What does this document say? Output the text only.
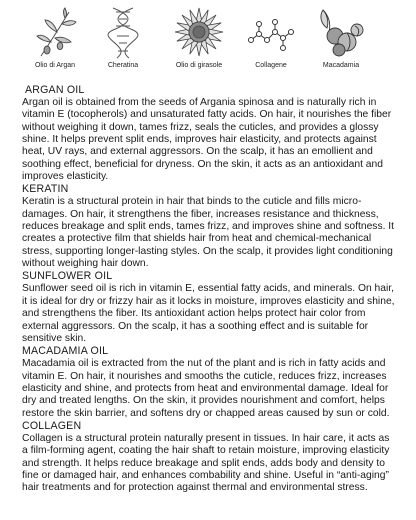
Olio di Argan	Cheratina	Olio di girasole	Collagene	Macadamia
ARGAN OIL

Argan oil is obtained from the seeds of Argania spinosa and is naturally rich in vitamin E (tocopherols) and unsaturated fatty acids. On hair, it nourishes the fiber without weighing it down, tames frizz, seals the cuticles, and provides a glossy shine. It helps prevent split ends, improves hair elasticity, and protects against heat, UV rays, and external aggressors. On the scalp, it has an emollient and soothing effect, beneficial for dryness. On the skin, it acts as an antioxidant and improves elasticity.

KERATIN

Keratin is a structural protein in hair that binds to the cuticle and fills micro-damages. On hair, it strengthens the fiber, increases resistance and thickness, reduces breakage and split ends, tames frizz, and improves shine and softness. It creates a protective film that shields hair from heat and chemical-mechanical stress, supporting longer-lasting styles. On the scalp, it provides light conditioning without weighing hair down.

SUNFLOWER OIL

Sunflower seed oil is rich in vitamin E, essential fatty acids, and minerals. On hair, it is ideal for dry or frizzy hair as it locks in moisture, improves elasticity and shine, and strengthens the fiber. Its antioxidant action helps protect hair color from external aggressors. On the scalp, it has a soothing effect and is suitable for sensitive skin.

MACADAMIA OIL

Macadamia oil is extracted from the nut of the plant and is rich in fatty acids and vitamin E. On hair, it nourishes and smooths the cuticle, reduces frizz, increases elasticity and shine, and protects from heat and environmental damage. Ideal for dry and treated lengths. On the skin, it provides nourishment and comfort, helps restore the skin barrier, and softens dry or chapped areas caused by sun or cold.

COLLAGEN

Collagen is a structural protein naturally present in tissues. In hair care, it acts as a film-forming agent, coating the hair shaft to retain moisture, improving elasticity and strength. It helps reduce breakage and split ends, adds body and density to fine or damaged hair, and enhances combability and shine. Useful in “anti-aging” hair treatments and for protection against thermal and environmental stress.
